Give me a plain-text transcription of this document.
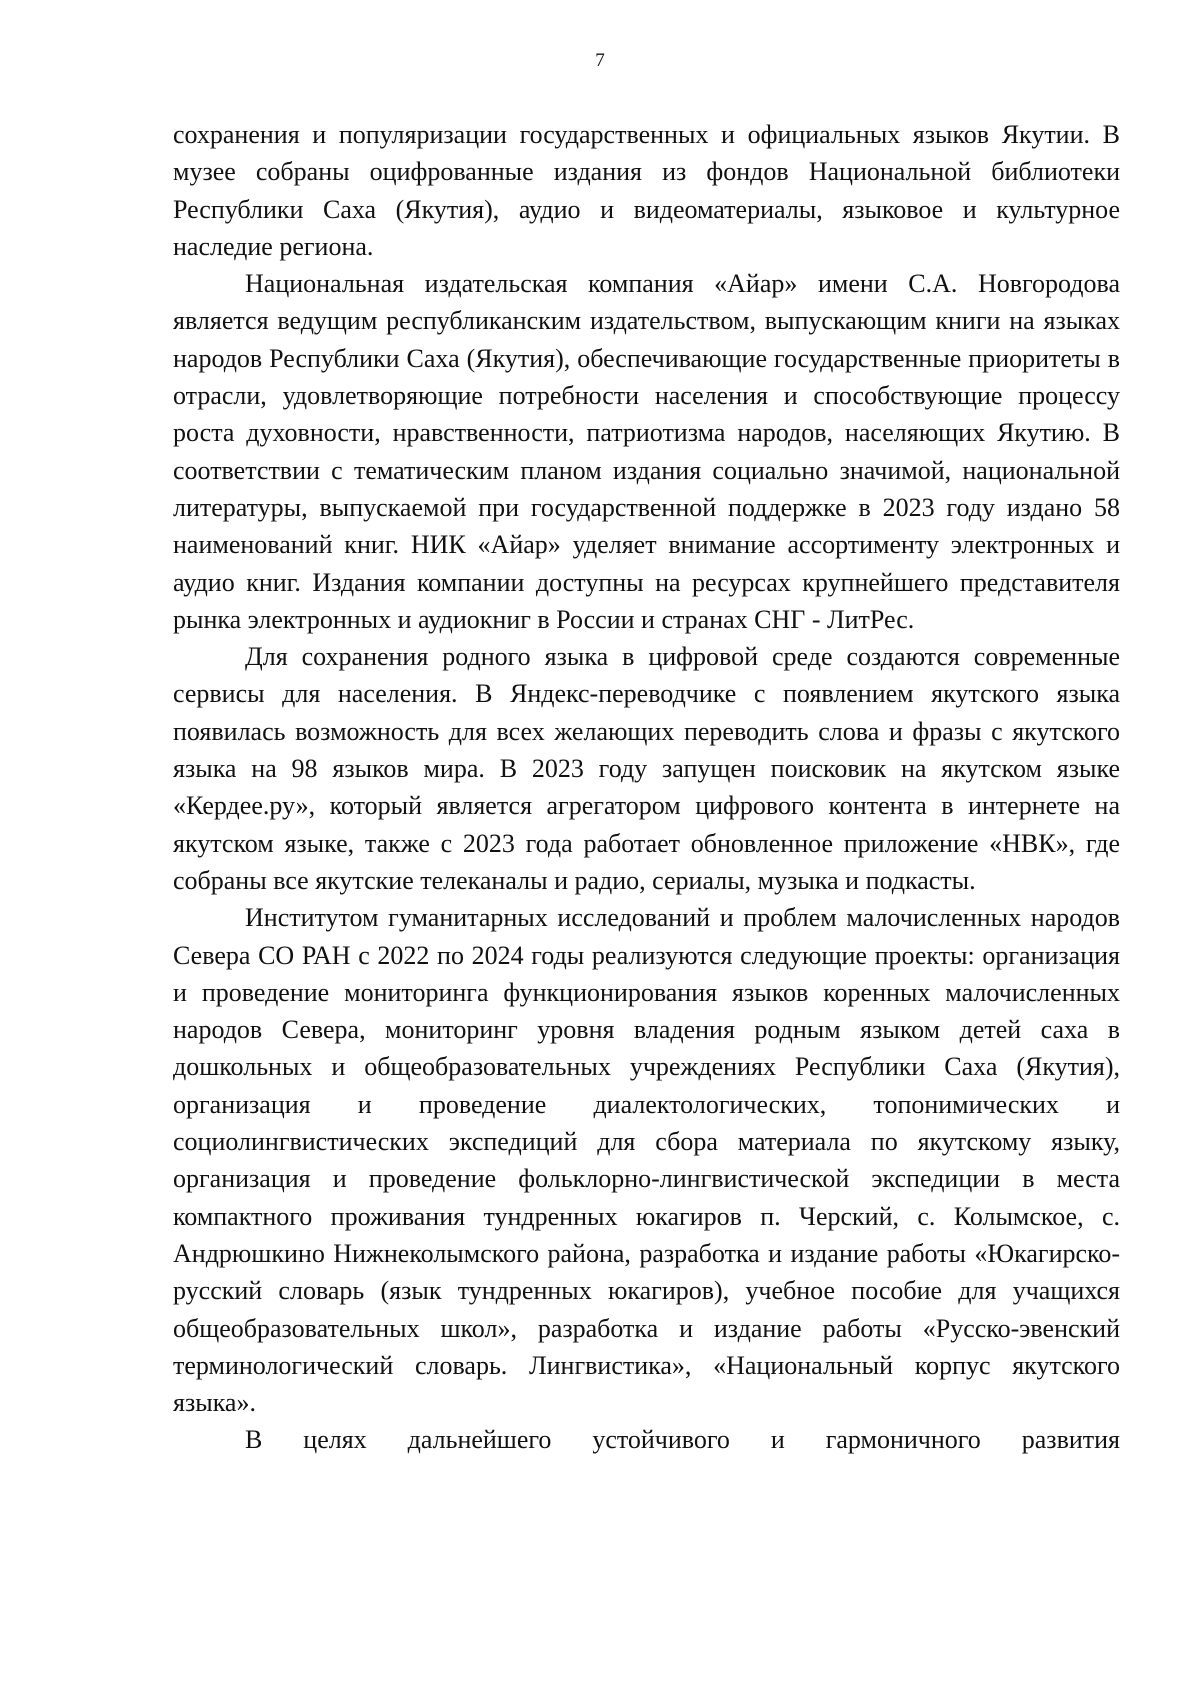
7

сохранения и популяризации государственных и официальных языков Якутии. В музее собраны оцифрованные издания из фондов Национальной библиотеки Республики Саха (Якутия), аудио и видеоматериалы, языковое и культурное наследие региона.

Национальная издательская компания «Айар» имени С.А. Новгородова является ведущим республиканским издательством, выпускающим книги на языках народов Республики Саха (Якутия), обеспечивающие государственные приоритеты в отрасли, удовлетворяющие потребности населения и способствующие процессу роста духовности, нравственности, патриотизма народов, населяющих Якутию. В соответствии с тематическим планом издания социально значимой, национальной литературы, выпускаемой при государственной поддержке в 2023 году издано 58 наименований книг. НИК «Айар» уделяет внимание ассортименту электронных и аудио книг. Издания компании доступны на ресурсах крупнейшего представителя рынка электронных и аудиокниг в России и странах СНГ - ЛитРес.

Для сохранения родного языка в цифровой среде создаются современные сервисы для населения. В Яндекс-переводчике с появлением якутского языка появилась возможность для всех желающих переводить слова и фразы с якутского языка на 98 языков мира. В 2023 году запущен поисковик на якутском языке «Кердее.ру», который является агрегатором цифрового контента в интернете на якутском языке, также с 2023 года работает обновленное приложение «НВК», где собраны все якутские телеканалы и радио, сериалы, музыка и подкасты.

Институтом гуманитарных исследований и проблем малочисленных народов Севера СО РАН с 2022 по 2024 годы реализуются следующие проекты: организация и проведение мониторинга функционирования языков коренных малочисленных народов Севера, мониторинг уровня владения родным языком детей саха в дошкольных и общеобразовательных учреждениях Республики Саха (Якутия), организация и проведение диалектологических, топонимических и социолингвистических экспедиций для сбора материала по якутскому языку, организация и проведение фольклорно-лингвистической экспедиции в места компактного проживания тундренных юкагиров п. Черский, с. Колымское, с. Андрюшкино Нижнеколымского района, разработка и издание работы «Юкагирско-русский словарь (язык тундренных юкагиров), учебное пособие для учащихся общеобразовательных школ», разработка и издание работы «Русско-эвенский терминологический словарь. Лингвистика», «Национальный корпус якутского языка».

В целях дальнейшего устойчивого и гармоничного развития
